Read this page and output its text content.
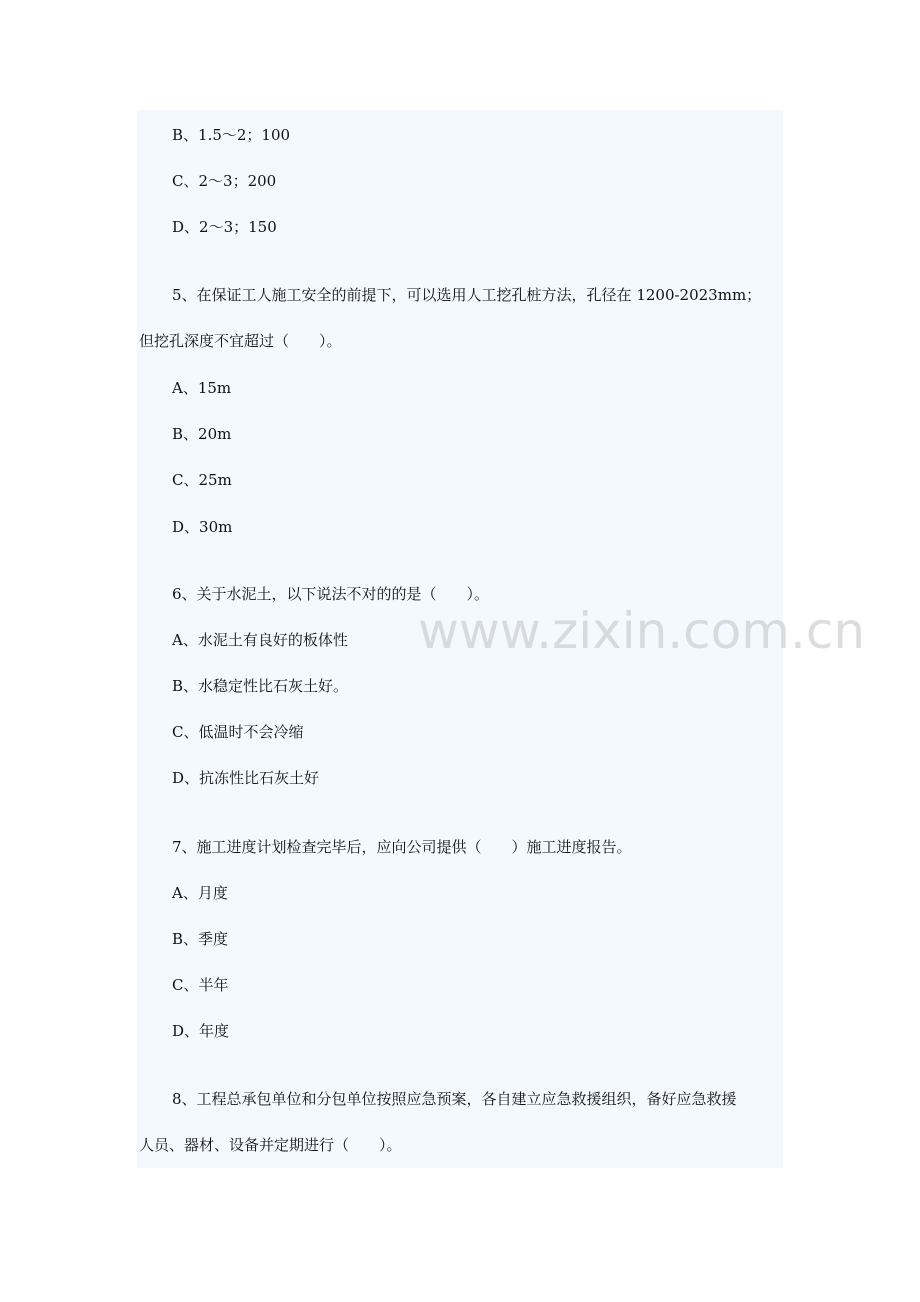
B、1.5～2；100
C、2～3；200
D、2～3；150
5、在保证工人施工安全的前提下，可以选用人工挖孔桩方法，孔径在 1200-2023mm；
但挖孔深度不宜超过（　　）。
A、15m
B、20m
C、25m
D、30m
6、关于水泥土，以下说法不对的的是（　　）。
A、水泥土有良好的板体性
B、水稳定性比石灰土好。
C、低温时不会冷缩
D、抗冻性比石灰土好
7、施工进度计划检查完毕后，应向公司提供（　　）施工进度报告。
A、月度
B、季度
C、半年
D、年度
8、工程总承包单位和分包单位按照应急预案，各自建立应急救援组织，备好应急救援
人员、器材、设备并定期进行（　　）。
www.zixin.com.cn
